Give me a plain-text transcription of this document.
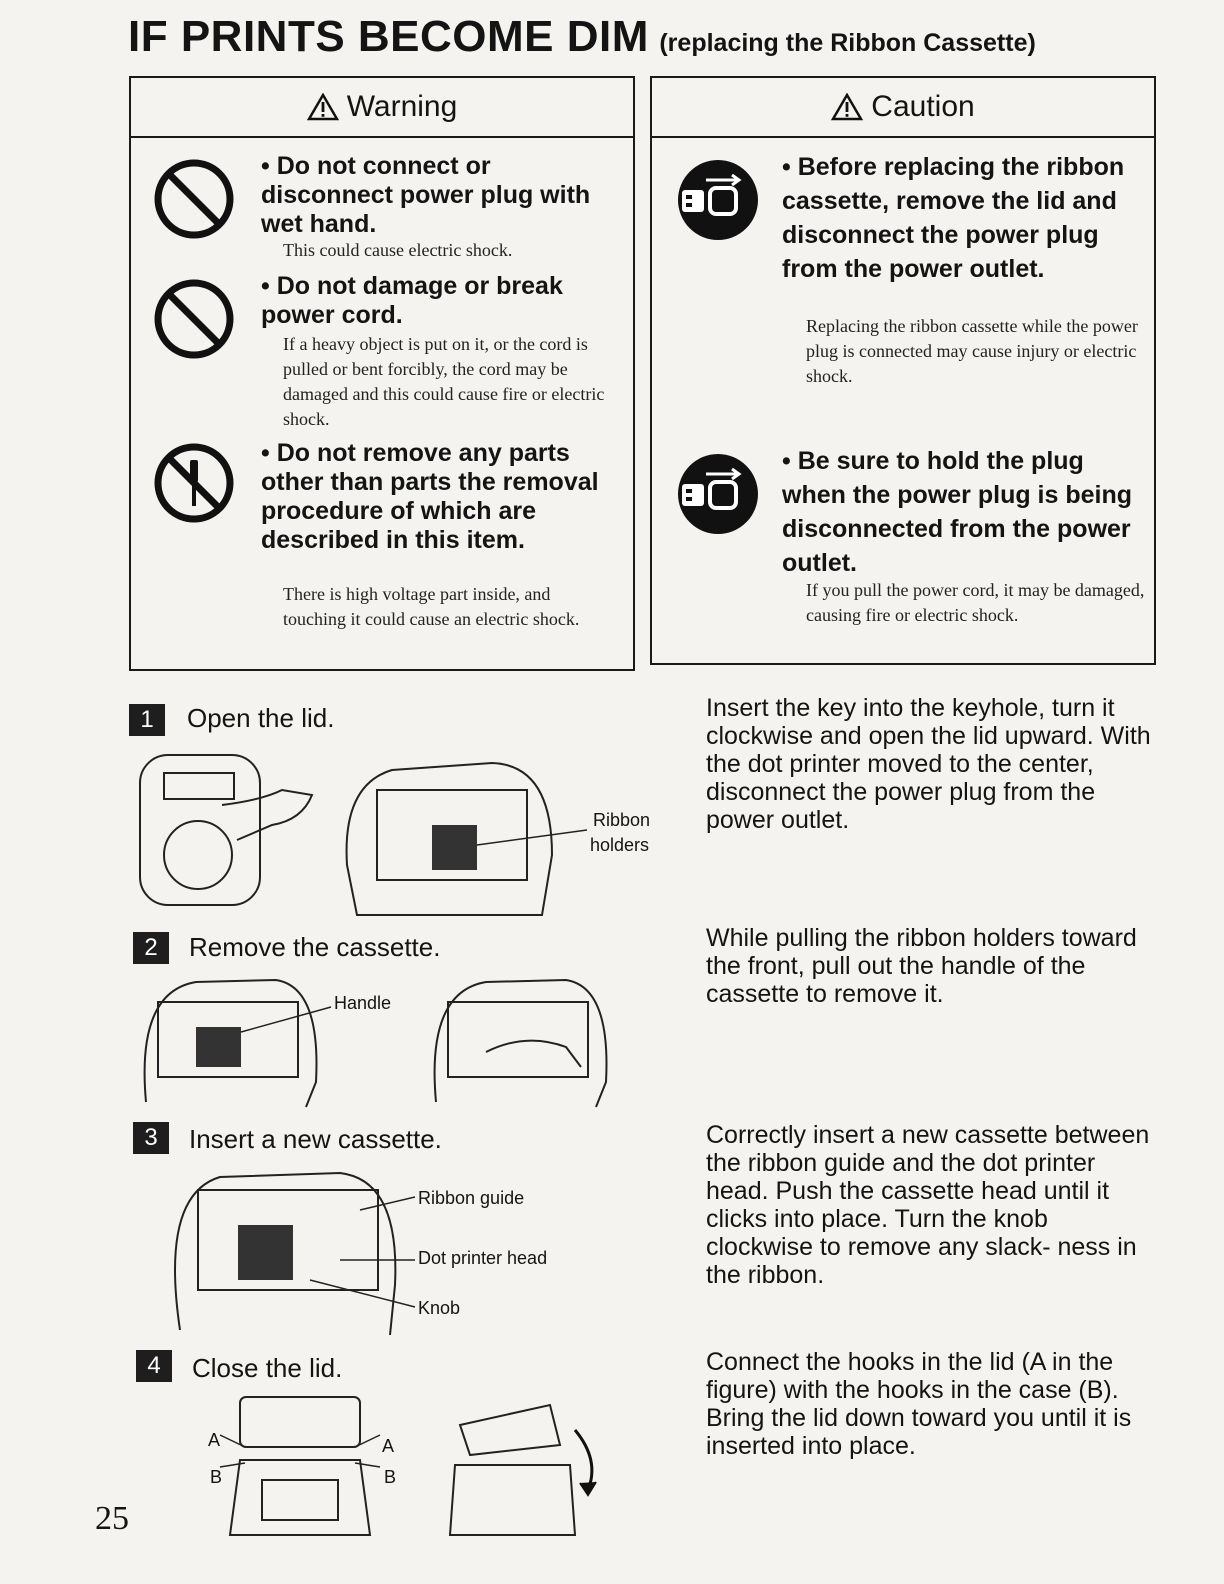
IF PRINTS BECOME DIM (replacing the Ribbon Cassette)
Warning
• Do not connect or disconnect power plug with wet hand.
This could cause electric shock.
• Do not damage or break power cord.
If a heavy object is put on it, or the cord is pulled or bent forcibly, the cord may be damaged and this could cause fire or electric shock.
• Do not remove any parts other than parts the removal procedure of which are described in this item.
There is high voltage part inside, and touching it could cause an electric shock.
Caution
• Before replacing the ribbon cassette, remove the lid and disconnect the power plug from the power outlet.
Replacing the ribbon cassette while the power plug is connected may cause injury or electric shock.
• Be sure to hold the plug when the power plug is being disconnected from the power outlet.
If you pull the power cord, it may be damaged, causing fire or electric shock.
1	Open the lid.	Insert the key into the keyhole, turn it clockwise and open the lid upward. With the dot printer moved to the center, disconnect the power plug from the power outlet.
Ribbon
holders
2	Remove the cassette.	While pulling the ribbon holders toward the front, pull out the handle of the cassette to remove it.
Handle
3	Insert a new cassette.	Correctly insert a new cassette between the ribbon guide and the dot printer head. Push the cassette head until it clicks into place. Turn the knob clockwise to remove any slack- ness in the ribbon.
Ribbon guide
Dot printer head
Knob
4	Close the lid.	Connect the hooks in the lid (A in the figure) with the hooks in the case (B). Bring the lid down toward you until it is inserted into place.
A	A
B	B
25
